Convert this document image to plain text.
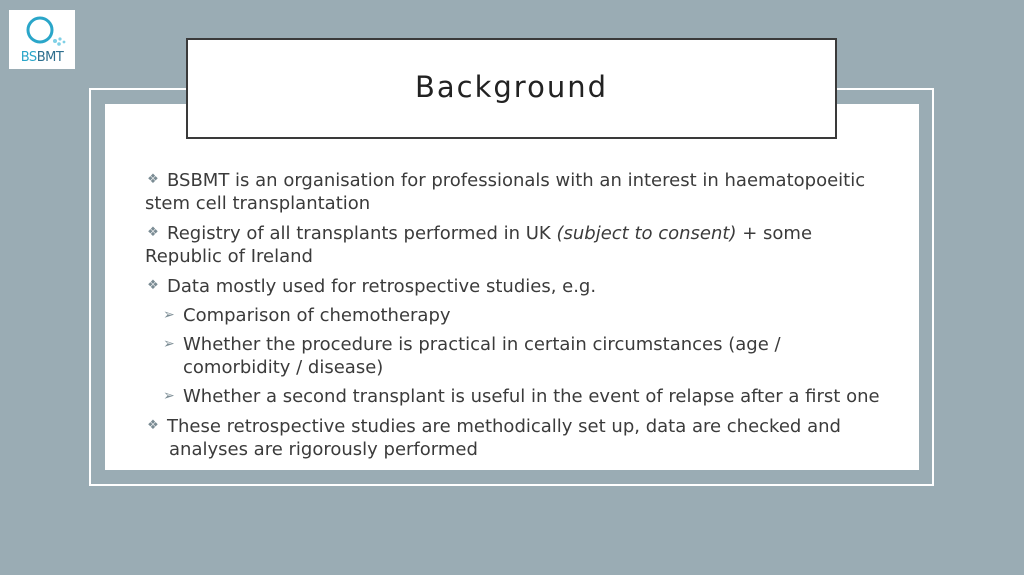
BSBMT
Background
❖ BSBMT is an organisation for professionals with an interest in haematopoeitic stem cell transplantation
❖ Registry of all transplants performed in UK (subject to consent) + some Republic of Ireland
❖ Data mostly used for retrospective studies, e.g.
➢ Comparison of chemotherapy
➢ Whether the procedure is practical in certain circumstances (age / comorbidity / disease)
➢ Whether a second transplant is useful in the event of relapse after a first one
❖ These retrospective studies are methodically set up, data are checked and analyses are rigorously performed
